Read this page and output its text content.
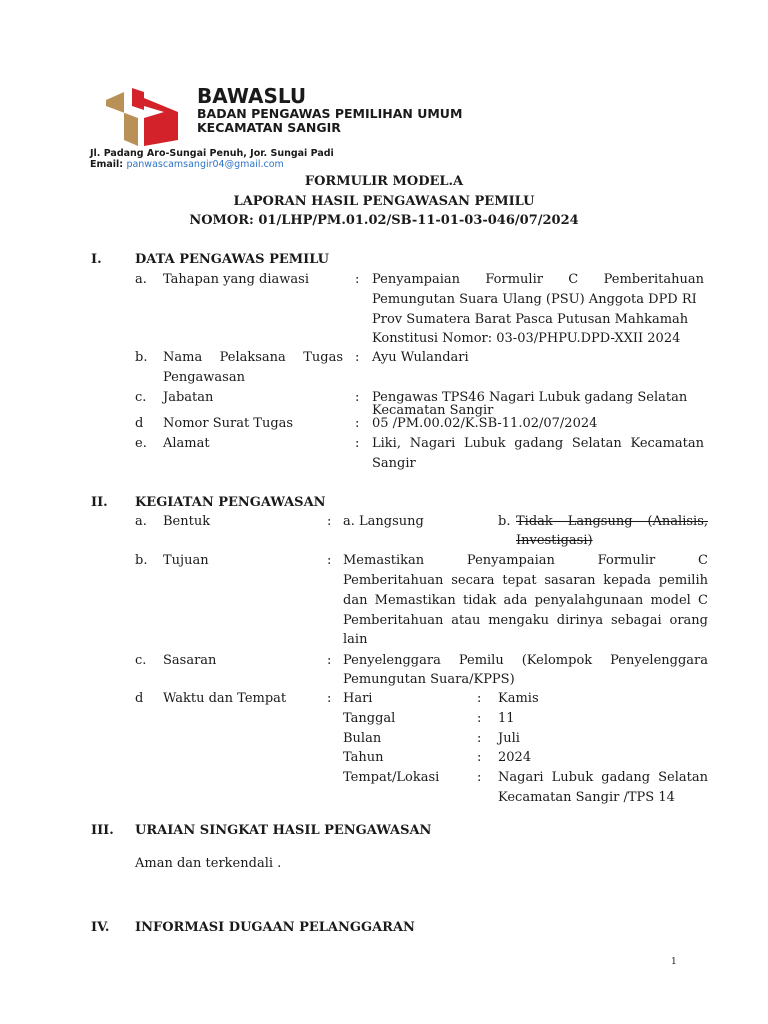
BAWASLU
BADAN PENGAWAS PEMILIHAN UMUM
KECAMATAN SANGIR
Jl. Padang Aro-Sungai Penuh, Jor. Sungai Padi
Email: panwascamsangir04@gmail.com
FORMULIR MODEL.A
LAPORAN HASIL PENGAWASAN PEMILU
NOMOR: 01/LHP/PM.01.02/SB-11-01-03-046/07/2024
I.	DATA PENGAWAS PEMILU
a. Tahapan yang diawasi	: Penyampaian Formulir C Pemberitahuan
Pemungutan Suara Ulang (PSU) Anggota DPD RI
Prov Sumatera Barat Pasca Putusan Mahkamah
Konstitusi Nomor: 03-03/PHPU.DPD-XXII 2024
b. Nama Pelaksana Tugas
Pengawasan
: Ayu Wulandari
c. Jabatan	: Pengawas TPS46 Nagari Lubuk gadang Selatan
Kecamatan Sangir
d Nomor Surat Tugas	: 05 /PM.00.02/K.SB-11.02/07/2024
e. Alamat	: Liki, Nagari Lubuk gadang Selatan Kecamatan
Sangir
II. KEGIATAN PENGAWASAN
a. Bentuk	: a. Langsung	b. Tidak Langsung (Analisis,
Investigasi)
b. Tujuan	: Memastikan Penyampaian Formulir C
Pemberitahuan secara tepat sasaran kepada pemilih
dan Memastikan tidak ada penyalahgunaan model C
Pemberitahuan atau mengaku dirinya sebagai orang
lain
c. Sasaran	: Penyelenggara Pemilu (Kelompok Penyelenggara
Pemungutan Suara/KPPS)
d Waktu dan Tempat	: Hari	: Kamis
Tanggal	: 11
Bulan	: Juli
Tahun	: 2024
Tempat/Lokasi	: Nagari Lubuk gadang Selatan
Kecamatan Sangir /TPS 14
III. URAIAN SINGKAT HASIL PENGAWASAN
Aman dan terkendali .
IV. INFORMASI DUGAAN PELANGGARAN
1
